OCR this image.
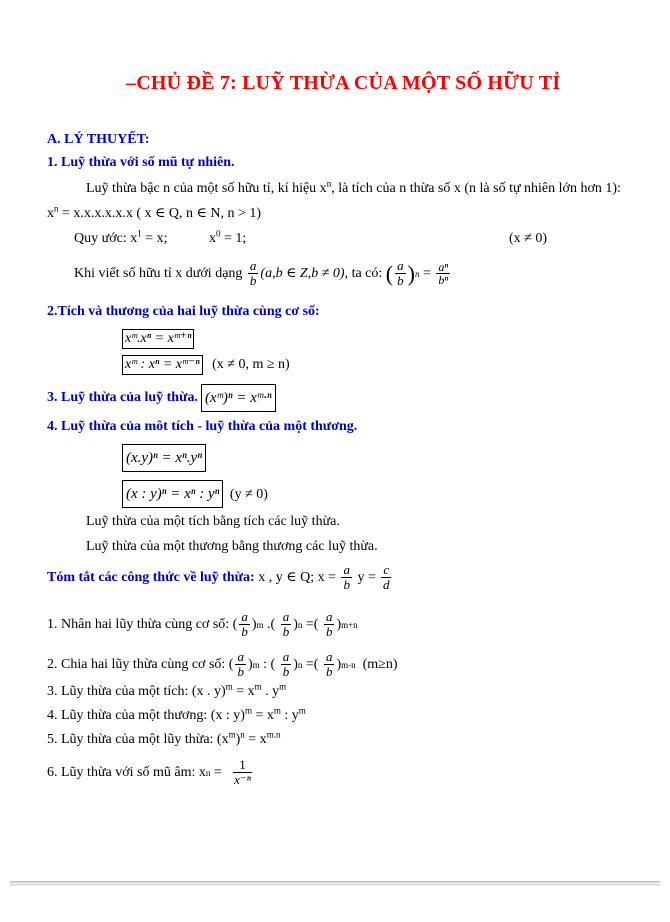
–CHỦ ĐỀ 7: LUỸ THỪA CỦA MỘT SỐ HỮU TỈ
A. LÝ THUYẾT:
1. Luỹ thừa với số mũ tự nhiên.
Luỹ thừa bậc n của một số hữu tỉ, kí hiệu $x^n$, là tích của n thừa số x (n là số tự nhiên lớn hơn 1):
$x^n = x.x.x.x.x.x$ ( x ∈ Q, n ∈ N, n > 1)
Quy ước: $x^1 = x$;	$x^0 = 1$;	(x ≠ 0)
Khi viết số hữu tỉ x dưới dạng
$\frac{a}{b} (a,b$ ∈ Z,b ≠ 0) , ta có:
( $\frac{a}{b}$ ) $n = \frac{\text{aⁿ}}{\text{bⁿ}}$
2.Tích và thương của hai luỹ thừa cùng cơ số:
xᵐ.xⁿ = xᵐ⁺ⁿ
xᵐ : xⁿ = xᵐ⁻ⁿ (x ≠ 0, m ≥ n)
3. Luỹ thừa của luỹ thừa. (xᵐ)ⁿ = xᵐ·ⁿ
4. Luỹ thừa của môt tích - luỹ thừa của một thương.
(x.y)ⁿ = xⁿ.yⁿ
(x : y)ⁿ = xⁿ : yⁿ (y ≠ 0)
Luỹ thừa của một tích bằng tích các luỹ thừa.
Luỹ thừa của một thương bằng thương các luỹ thừa.
Tóm tắt các công thức về luỹ thừa: x , y ∈ Q; $x = \frac{a}{b}$ $y = \frac{c}{d}$
1. Nhân hai lũy thừa cùng cơ số: ( $\frac{a}{b}$ ) m .( $\frac{a}{b}$ ) n =( $\frac{a}{b}$ ) m+n
2. Chia hai lũy thừa cùng cơ số: ( $\frac{a}{b}$ ) m : ( $\frac{a}{b}$ ) n =( $\frac{a}{b}$ ) m-n (m≥n)
3. Lũy thừa của một tích: (x . $y)^m = x^m$ . $y^m$
4. Lũy thừa của một thương: (x : $y)^m = x^m$ : $y^m$
5. Lũy thừa của một lũy thừa: $(x^m)^n = x^{m.n}$
6. Lũy thừa với số mũ âm: x $n = \frac{1}{\text{x⁻ⁿ}}$
